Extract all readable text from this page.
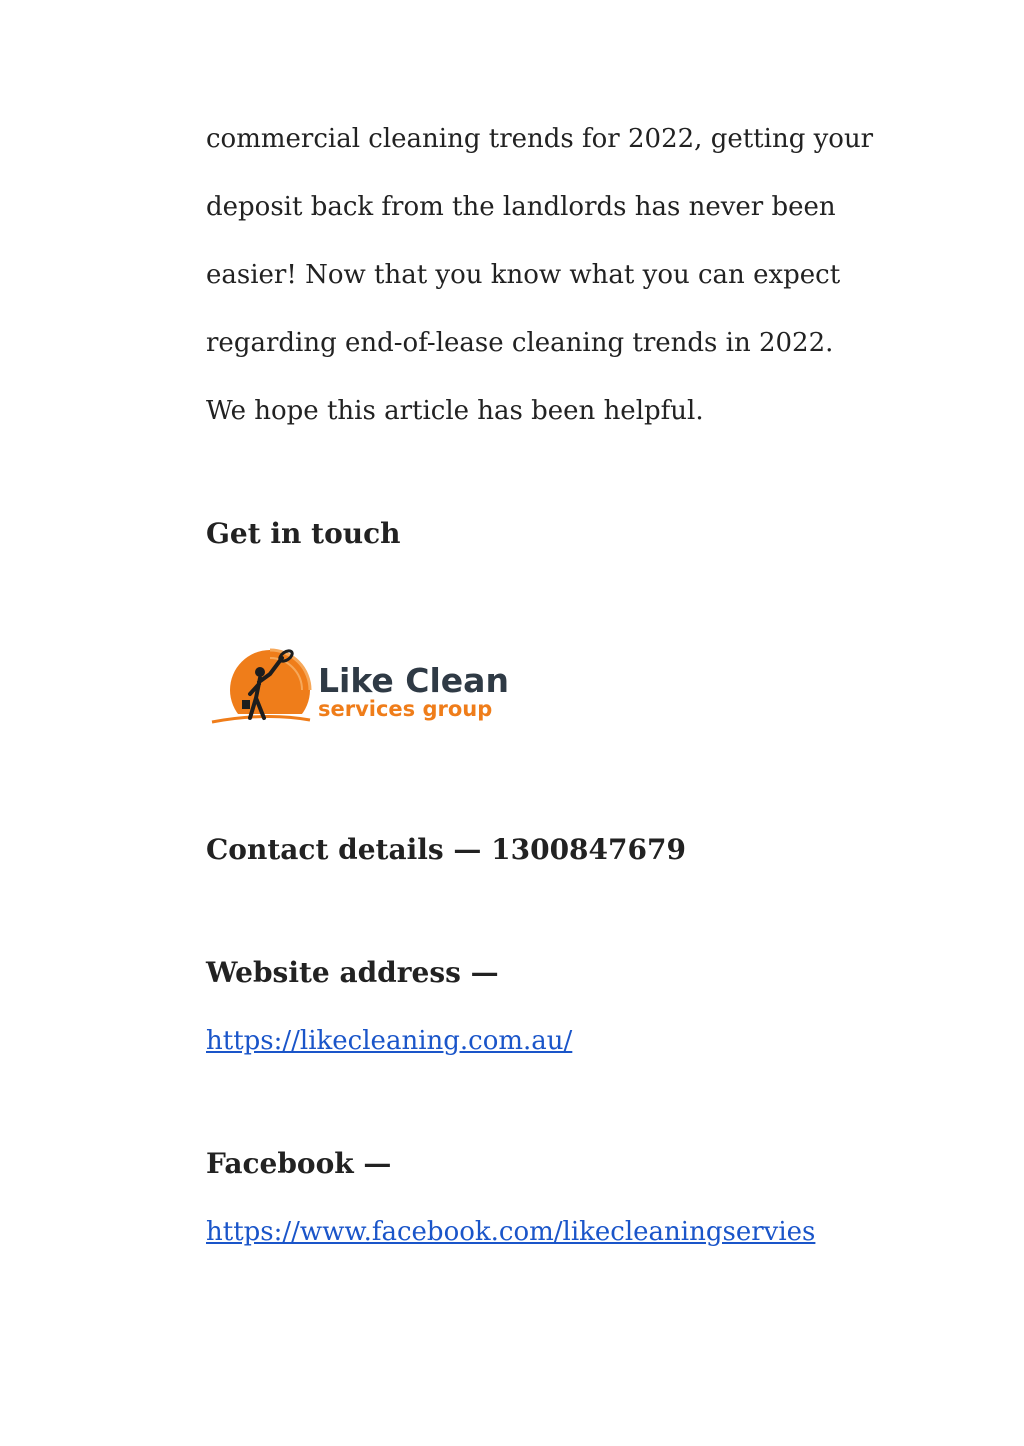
commercial cleaning trends for 2022, getting your
deposit back from the landlords has never been
easier! Now that you know what you can expect
regarding end-of-lease cleaning trends in 2022.
We hope this article has been helpful.
Get in touch
Like Clean
services group
Contact details — 1300847679
Website address —
https://likecleaning.com.au/
Facebook —
https://www.facebook.com/likecleaningservies
